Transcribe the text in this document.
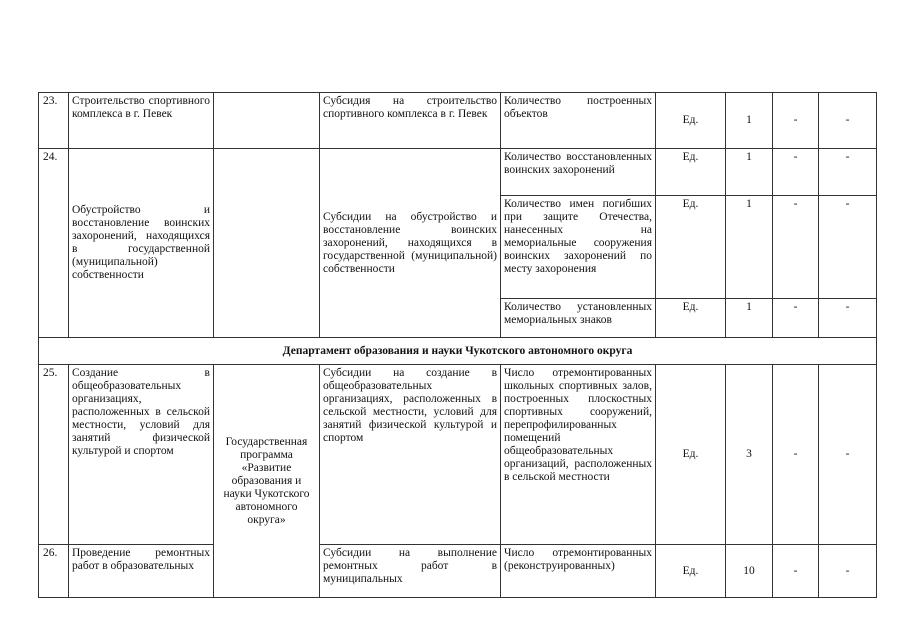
23.	Строительство спортивного комплекса в г. Певек		Субсидия на строительство спортивного комплекса в г. Певек	Количество построенных объектов	Ед.	1	-	-
24.	Обустройство и восстановление воинских захоронений, находящихся в государственной (муниципальной) собственности		Субсидии на обустройство и восстановление воинских захоронений, находящихся в государственной (муниципальной) собственности	Количество восстановленных воинских захоронений	Ед.	1	-	-
				Количество имен погибших при защите Отечества, нанесенных на мемориальные сооружения воинских захоронений по месту захоронения	Ед.	1	-	-
				Количество установленных мемориальных знаков	Ед.	1	-	-
Департамент образования и науки Чукотского автономного округа								
25.	Создание в общеобразовательных организациях, расположенных в сельской местности, условий для занятий физической культурой и спортом	Государственная программа «Развитие образования и науки Чукотского автономного округа»	Субсидии на создание в общеобразовательных организациях, расположенных в сельской местности, условий для занятий физической культурой и спортом	Число отремонтированных школьных спортивных залов, построенных плоскостных спортивных сооружений, перепрофилированных помещений общеобразовательных организаций, расположенных в сельской местности	Ед.	3	-	-
26.	Проведение ремонтных работ в образовательных		Субсидии на выполнение ремонтных работ в муниципальных	Число отремонтированных (реконструированных)	Ед.	10	-	-
